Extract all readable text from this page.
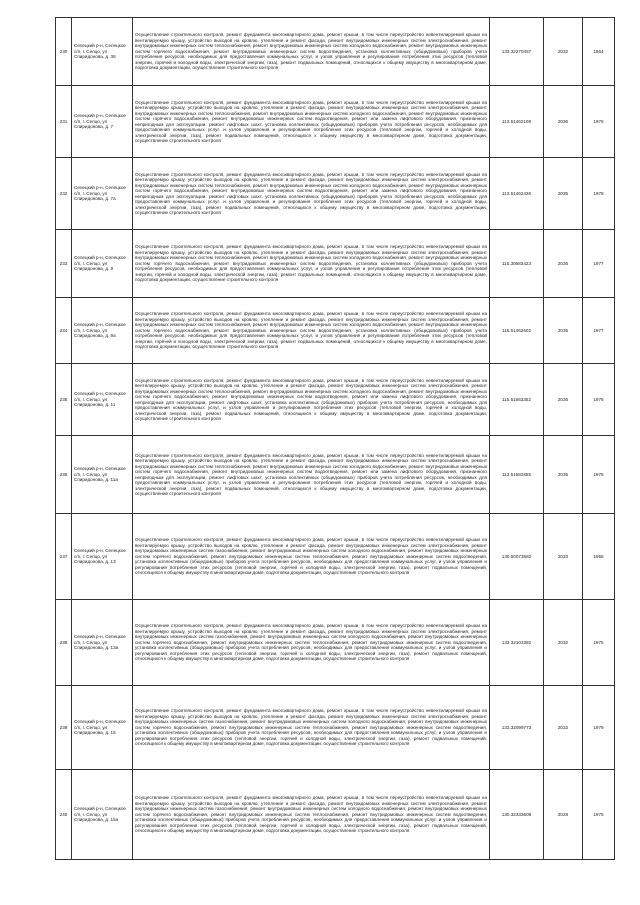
230	Селецкий р-н, Селецкое с/п, г. Селцо, ул Спиридонова, д. 36	Осуществление строительного контроля, ремонт фундамента многоквартирного дома, ремонт крыши, в том числе переустройство невентилируемой крыши на вентилируемую крышу, устройство выходов на кровлю, утепление и ремонт фасада, ремонт внутридомовых инженерных систем электроснабжения, ремонт внутридомовых инженерных систем теплоснабжения, ремонт внутридомовых инженерных систем холодного водоснабжения, ремонт внутридомовых инженерных систем горячего водоснабжения, ремонт внутридомовых инженерных систем водоотведения, установка коллективных (общедомовых) приборов учета потребления ресурсов, необходимых для предоставления коммунальных услуг, и узлов управления и регулирования потребления этих ресурсов (тепловой энергии, горячей и холодной воды, электрической энергии, газа), ремонт подвальных помещений, относящихся к общему имуществу в многоквартирном доме, подготовка документации, осуществление строительного контроля	133.32270457	2032	1954
231	Селецкий р-н, Селецкое с/п, г. Селцо, ул Спиридонова, д. 7	Осуществление строительного контроля, ремонт фундамента многоквартирного дома, ремонт крыши, в том числе переустройство невентилируемой крыши на вентилируемую крышу, устройство выходов на кровлю, утепление и ремонт фасада, ремонт внутридомовых инженерных систем электроснабжения, ремонт внутридомовых инженерных систем теплоснабжения, ремонт внутридомовых инженерных систем холодного водоснабжения, ремонт внутридомовых инженерных систем горячего водоснабжения, ремонт внутридомовых инженерных систем водоотведения, ремонт или замена лифтового оборудования, признанного непригодным для эксплуатации, ремонт лифтовых шахт, установка коллективных (общедомовых) приборов учета потребления ресурсов, необходимых для предоставления коммунальных услуг, и узлов управления и регулирования потребления этих ресурсов (тепловой энергии, горячей и холодной воды, электрической энергии, газа), ремонт подвальных помещений, относящихся к общему имуществу в многоквартирном доме, подготовка документации, осуществление строительного контроля	113.51462108	2036	1976
232	Селецкий р-н, Селецкое с/п, г. Селцо, ул Спиридонова, д. 7а	Осуществление строительного контроля, ремонт фундамента многоквартирного дома, ремонт крыши, в том числе переустройство невентилируемой крыши на вентилируемую крышу, устройство выходов на кровлю, утепление и ремонт фасада, ремонт внутридомовых инженерных систем электроснабжения, ремонт внутридомовых инженерных систем теплоснабжения, ремонт внутридомовых инженерных систем холодного водоснабжения, ремонт внутридомовых инженерных систем горячего водоснабжения, ремонт внутридомовых инженерных систем водоотведения, ремонт или замена лифтового оборудования, признанного непригодным для эксплуатации, ремонт лифтовых шахт, установка коллективных (общедомовых) приборов учета потребления ресурсов, необходимых для предоставления коммунальных услуг, и узлов управления и регулирования потребления этих ресурсов (тепловой энергии, горячей и холодной воды, электрической энергии, газа), ремонт подвальных помещений, относящихся к общему имуществу в многоквартирном доме, подготовка документации, осуществление строительного контроля	113.51462436	2035	1978
233	Селецкий р-н, Селецкое с/п, г. Селцо, ул Спиридонова, д. 9	Осуществление строительного контроля, ремонт фундамента многоквартирного дома, ремонт крыши, в том числе переустройство невентилируемой крыши на вентилируемую крышу, устройство выходов на кровлю, утепление и ремонт фасада, ремонт внутридомовых инженерных систем электроснабжения, ремонт внутридомовых инженерных систем теплоснабжения, ремонт внутридомовых инженерных систем холодного водоснабжения, ремонт внутридомовых инженерных систем горячего водоснабжения, ремонт внутридомовых инженерных систем водоотведения, установка коллективных (общедомовых) приборов учета потребления ресурсов, необходимых для предоставления коммунальных услуг, и узлов управления и регулирования потребления этих ресурсов (тепловой энергии, горячей и холодной воды, электрической энергии, газа), ремонт подвальных помещений, относящихся к общему имуществу в многоквартирном доме, подготовка документации, осуществление строительного контроля	115.30683423	2036	1977
234	Селецкий р-н, Селецкое с/п, г. Селцо, ул Спиридонова, д. 9а	Осуществление строительного контроля, ремонт фундамента многоквартирного дома, ремонт крыши, в том числе переустройство невентилируемой крыши на вентилируемую крышу, устройство выходов на кровлю, утепление и ремонт фасада, ремонт внутридомовых инженерных систем электроснабжения, ремонт внутридомовых инженерных систем теплоснабжения, ремонт внутридомовых инженерных систем холодного водоснабжения, ремонт внутридомовых инженерных систем горячего водоснабжения, ремонт внутридомовых инженерных систем водоотведения, установка коллективных (общедомовых) приборов учета потребления ресурсов, необходимых для предоставления коммунальных услуг, и узлов управления и регулирования потребления этих ресурсов (тепловой энергии, горячей и холодной воды, электрической энергии, газа), ремонт подвальных помещений, относящихся к общему имуществу в многоквартирном доме, подготовка документации, осуществление строительного контроля	115.51462602	2035	1977
235	Селецкий р-н, Селецкое с/п, г. Селцо, ул Спиридонова, д. 11	Осуществление строительного контроля, ремонт фундамента многоквартирного дома, ремонт крыши, в том числе переустройство невентилируемой крыши на вентилируемую крышу, устройство выходов на кровлю, утепление и ремонт фасада, ремонт внутридомовых инженерных систем электроснабжения, ремонт внутридомовых инженерных систем теплоснабжения, ремонт внутридомовых инженерных систем холодного водоснабжения, ремонт внутридомовых инженерных систем горячего водоснабжения, ремонт внутридомовых инженерных систем водоотведения, ремонт или замена лифтового оборудования, признанного непригодным для эксплуатации, ремонт лифтовых шахт, установка коллективных (общедомовых) приборов учета потребления ресурсов, необходимых для предоставления коммунальных услуг, и узлов управления и регулирования потребления этих ресурсов (тепловой энергии, горячей и холодной воды, электрической энергии, газа), ремонт подвальных помещений, относящихся к общему имуществу в многоквартирном доме, подготовка документации, осуществление строительного контроля	115.51663352	2036	1976
236	Селецкий р-н, Селецкое с/п, г. Селцо, ул Спиридонова, д. 11а	Осуществление строительного контроля, ремонт фундамента многоквартирного дома, ремонт крыши, в том числе переустройство невентилируемой крыши на вентилируемую крышу, устройство выходов на кровлю, утепление и ремонт фасада, ремонт внутридомовых инженерных систем электроснабжения, ремонт внутридомовых инженерных систем теплоснабжения, ремонт внутридомовых инженерных систем холодного водоснабжения, ремонт внутридомовых инженерных систем горячего водоснабжения, ремонт внутридомовых инженерных систем водоотведения, ремонт или замена лифтового оборудования, признанного непригодным для эксплуатации, ремонт лифтовых шахт, установка коллективных (общедомовых) приборов учета потребления ресурсов, необходимых для предоставления коммунальных услуг, и узлов управления и регулирования потребления этих ресурсов (тепловой энергии, горячей и холодной воды, электрической энергии, газа), ремонт подвальных помещений, относящихся к общему имуществу в многоквартирном доме, подготовка документации, осуществление строительного контроля	113.51582855	2035	1976
237	Селецкий р-н, Селецкое с/п, г. Селцо, ул Спиридонова, д. 13	Осуществление строительного контроля, ремонт фундамента многоквартирного дома, ремонт крыши, в том числе переустройство невентилируемой крыши на вентилируемую крышу, устройство выходов на кровлю, утепление и ремонт фасада, ремонт внутридомовых инженерных систем электроснабжения, ремонт внутридомовых инженерных систем газоснабжения, ремонт внутридомовых инженерных систем холодного водоснабжения, ремонт внутридомовых инженерных систем горячего водоснабжения, ремонт внутридомовых инженерных систем теплоснабжения, ремонт внутридомовых инженерных систем водоотведения, установка коллективных (общедомовых) приборов учета потребления ресурсов, необходимых для предоставления коммунальных услуг, и узлов управления и регулирования потребления этих ресурсов (тепловой энергии, горячей и холодной воды, электрической энергии, газа), ремонт подвальных помещений, относящихся к общему имуществу в многоквартирном доме, подготовка документации, осуществление строительного контроля	130.50073582	2033	1955
238	Селецкий р-н, Селецкое с/п, г. Селцо, ул Спиридонова, д. 13а	Осуществление строительного контроля, ремонт фундамента многоквартирного дома, ремонт крыши, в том числе переустройство невентилируемой крыши на вентилируемую крышу, устройство выходов на кровлю, утепление и ремонт фасада, ремонт внутридомовых инженерных систем электроснабжения, ремонт внутридомовых инженерных систем газоснабжения, ремонт внутридомовых инженерных систем холодного водоснабжения, ремонт внутридомовых инженерных систем горячего водоснабжения, ремонт внутридомовых инженерных систем теплоснабжения, ремонт внутридомовых инженерных систем водоотведения, установка коллективных (общедомовых) приборов учета потребления ресурсов, необходимых для предоставления коммунальных услуг, и узлов управления и регулирования потребления этих ресурсов (тепловой энергии, горячей и холодной воды, электрической энергии, газа), ремонт подвальных помещений, относящихся к общему имуществу в многоквартирном доме, подготовка документации, осуществление строительного контроля	133.32103382	2032	1975
239	Селецкий р-н, Селецкое с/п, г. Селцо, ул Спиридонова, д. 15	Осуществление строительного контроля, ремонт фундамента многоквартирного дома, ремонт крыши, в том числе переустройство невентилируемой крыши на вентилируемую крышу, устройство выходов на кровлю, утепление и ремонт фасада, ремонт внутридомовых инженерных систем электроснабжения, ремонт внутридомовых инженерных систем газоснабжения, ремонт внутридомовых инженерных систем холодного водоснабжения, ремонт внутридомовых инженерных систем горячего водоснабжения, ремонт внутридомовых инженерных систем теплоснабжения, ремонт внутридомовых инженерных систем водоотведения, установка коллективных (общедомовых) приборов учета потребления ресурсов, необходимых для предоставления коммунальных услуг, и узлов управления и регулирования потребления этих ресурсов (тепловой энергии, горячей и холодной воды, электрической энергии, газа), ремонт подвальных помещений, относящихся к общему имуществу в многоквартирном доме, подготовка документации, осуществление строительного контроля	133.32099773	2032	1979
240	Селецкий р-н, Селецкое с/п, г. Селцо, ул Спиридонова, д. 15а	Осуществление строительного контроля, ремонт фундамента многоквартирного дома, ремонт крыши, в том числе переустройство невентилируемой крыши на вентилируемую крышу, устройство выходов на кровлю, утепление и ремонт фасада, ремонт внутридомовых инженерных систем электроснабжения, ремонт внутридомовых инженерных систем газоснабжения, ремонт внутридомовых инженерных систем холодного водоснабжения, ремонт внутридомовых инженерных систем горячего водоснабжения, ремонт внутридомовых инженерных систем теплоснабжения, ремонт внутридомовых инженерных систем водоотведения, установка коллективных (общедомовых) приборов учета потребления ресурсов, необходимых для предоставления коммунальных услуг, и узлов управления и регулирования потребления этих ресурсов (тепловой энергии, горячей и холодной воды, электрической энергии, газа), ремонт подвальных помещений, относящихся к общему имуществу в многоквартирном доме, подготовка документации, осуществление строительного контроля	130.32333609	2028	1975
